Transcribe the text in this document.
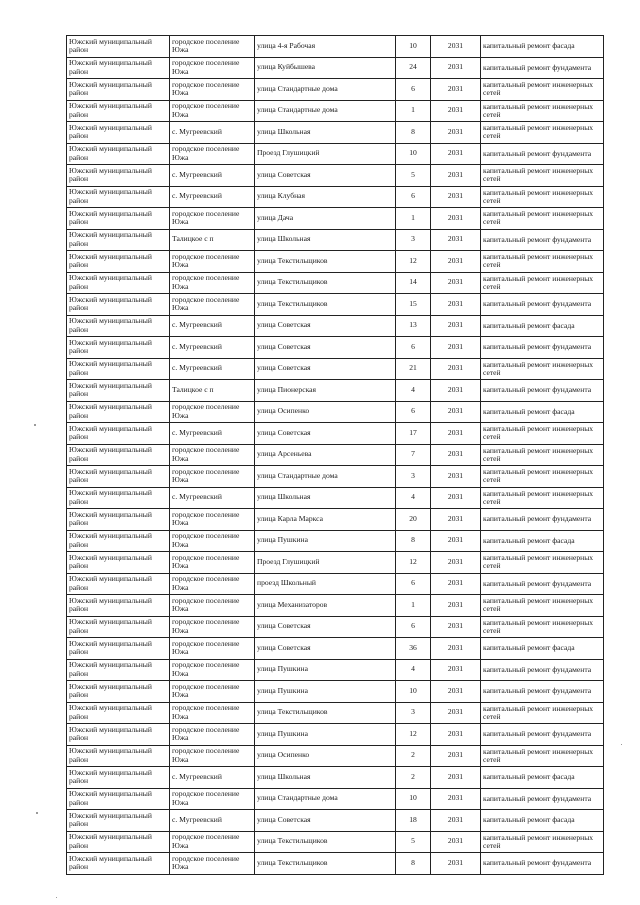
Южский муниципальный район	городское поселение Южа	улица 4-я Рабочая	10	2031	капитальный ремонт фасада
Южский муниципальный район	городское поселение Южа	улица Куйбышева	24	2031	капитальный ремонт фундамента
Южский муниципальный район	городское поселение Южа	улица Стандартные дома	6	2031	капитальный ремонт инженерных сетей
Южский муниципальный район	городское поселение Южа	улица Стандартные дома	1	2031	капитальный ремонт инженерных сетей
Южский муниципальный район	с. Мугреевский	улица Школьная	8	2031	капитальный ремонт инженерных сетей
Южский муниципальный район	городское поселение Южа	Проезд Глушицкий	10	2031	капитальный ремонт фундамента
Южский муниципальный район	с. Мугреевский	улица Советская	5	2031	капитальный ремонт инженерных сетей
Южский муниципальный район	с. Мугреевский	улица Клубная	6	2031	капитальный ремонт инженерных сетей
Южский муниципальный район	городское поселение Южа	улица Дача	1	2031	капитальный ремонт инженерных сетей
Южский муниципальный район	Талицкое с п	улица Школьная	3	2031	капитальный ремонт фундамента
Южский муниципальный район	городское поселение Южа	улица Текстильщиков	12	2031	капитальный ремонт инженерных сетей
Южский муниципальный район	городское поселение Южа	улица Текстильщиков	14	2031	капитальный ремонт инженерных сетей
Южский муниципальный район	городское поселение Южа	улица Текстильщиков	15	2031	капитальный ремонт фундамента
Южский муниципальный район	с. Мугреевский	улица Советская	13	2031	капитальный ремонт фасада
Южский муниципальный район	с. Мугреевский	улица Советская	6	2031	капитальный ремонт фундамента
Южский муниципальный район	с. Мугреевский	улица Советская	21	2031	капитальный ремонт инженерных сетей
Южский муниципальный район	Талицкое с п	улица Пионерская	4	2031	капитальный ремонт фундамента
Южский муниципальный район	городское поселение Южа	улица Осипенко	6	2031	капитальный ремонт фасада
Южский муниципальный район	с. Мугреевский	улица Советская	17	2031	капитальный ремонт инженерных сетей
Южский муниципальный район	городское поселение Южа	улица Арсеньева	7	2031	капитальный ремонт инженерных сетей
Южский муниципальный район	городское поселение Южа	улица Стандартные дома	3	2031	капитальный ремонт инженерных сетей
Южский муниципальный район	с. Мугреевский	улица Школьная	4	2031	капитальный ремонт инженерных сетей
Южский муниципальный район	городское поселение Южа	улица Карла Маркса	20	2031	капитальный ремонт фундамента
Южский муниципальный район	городское поселение Южа	улица Пушкина	8	2031	капитальный ремонт фасада
Южский муниципальный район	городское поселение Южа	Проезд Глушицкий	12	2031	капитальный ремонт инженерных сетей
Южский муниципальный район	городское поселение Южа	проезд Школьный	6	2031	капитальный ремонт фундамента
Южский муниципальный район	городское поселение Южа	улица Механизаторов	1	2031	капитальный ремонт инженерных сетей
Южский муниципальный район	городское поселение Южа	улица Советская	6	2031	капитальный ремонт инженерных сетей
Южский муниципальный район	городское поселение Южа	улица Советская	36	2031	капитальный ремонт фасада
Южский муниципальный район	городское поселение Южа	улица Пушкина	4	2031	капитальный ремонт фундамента
Южский муниципальный район	городское поселение Южа	улица Пушкина	10	2031	капитальный ремонт фундамента
Южский муниципальный район	городское поселение Южа	улица Текстильщиков	3	2031	капитальный ремонт инженерных сетей
Южский муниципальный район	городское поселение Южа	улица Пушкина	12	2031	капитальный ремонт фундамента
Южский муниципальный район	городское поселение Южа	улица Осипенко	2	2031	капитальный ремонт инженерных сетей
Южский муниципальный район	с. Мугреевский	улица Школьная	2	2031	капитальный ремонт фасада
Южский муниципальный район	городское поселение Южа	улица Стандартные дома	10	2031	капитальный ремонт фундамента
Южский муниципальный район	с. Мугреевский	улица Советская	18	2031	капитальный ремонт фасада
Южский муниципальный район	городское поселение Южа	улица Текстильщиков	5	2031	капитальный ремонт инженерных сетей
Южский муниципальный район	городское поселение Южа	улица Текстильщиков	8	2031	капитальный ремонт фундамента
